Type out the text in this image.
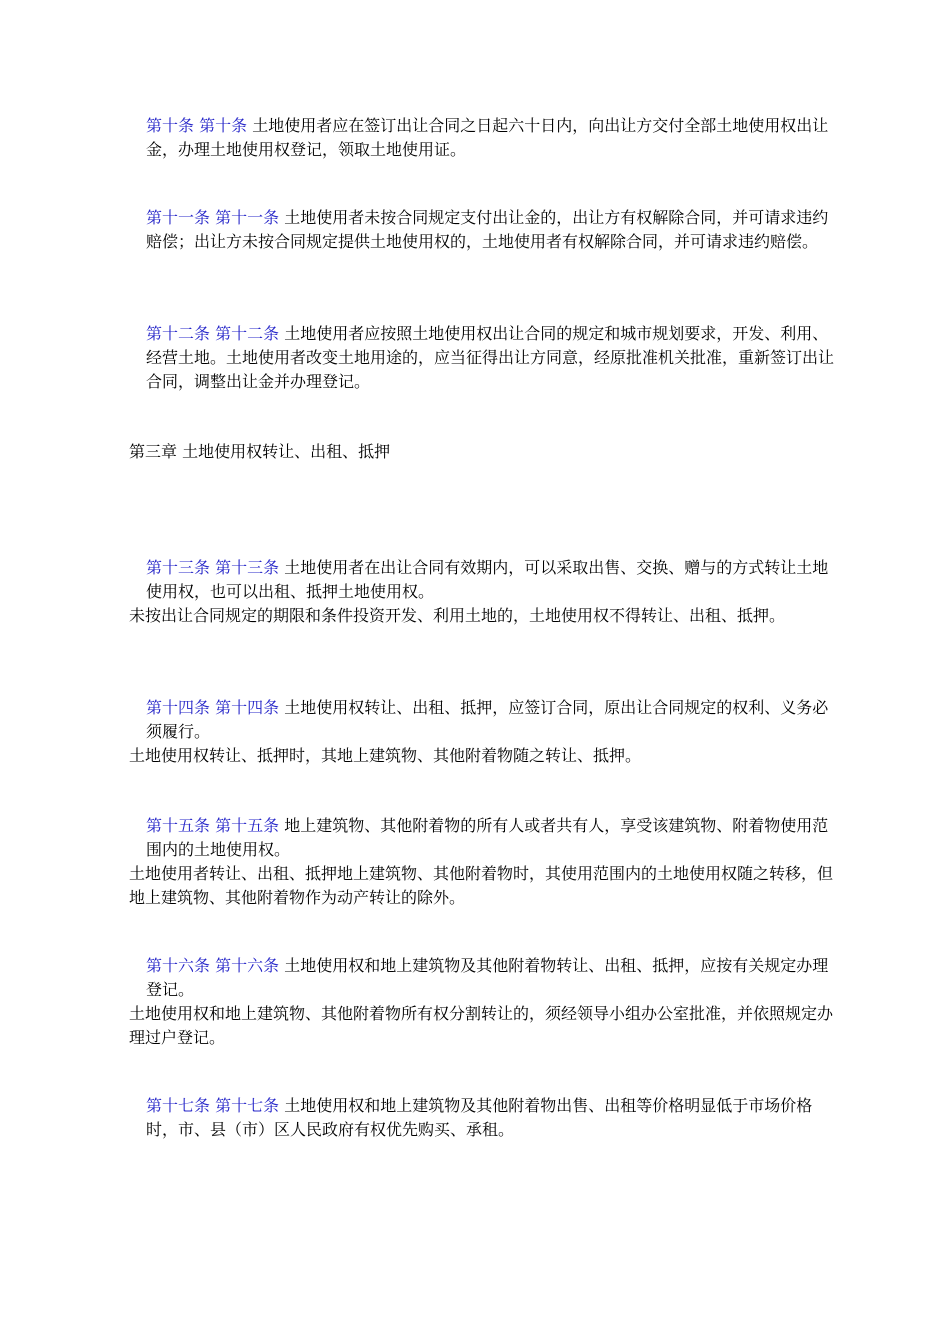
第十条 第十条 土地使用者应在签订出让合同之日起六十日内，向出让方交付全部土地使用权出让金，办理土地使用权登记，领取土地使用证。
第十一条 第十一条 土地使用者未按合同规定支付出让金的，出让方有权解除合同，并可请求违约赔偿；出让方未按合同规定提供土地使用权的，土地使用者有权解除合同，并可请求违约赔偿。
第十二条 第十二条 土地使用者应按照土地使用权出让合同的规定和城市规划要求，开发、利用、经营土地。土地使用者改变土地用途的，应当征得出让方同意，经原批准机关批准，重新签订出让合同，调整出让金并办理登记。
第三章 土地使用权转让、出租、抵押
第十三条 第十三条 土地使用者在出让合同有效期内，可以采取出售、交换、赠与的方式转让土地使用权，也可以出租、抵押土地使用权。
未按出让合同规定的期限和条件投资开发、利用土地的，土地使用权不得转让、出租、抵押。
第十四条 第十四条 土地使用权转让、出租、抵押，应签订合同，原出让合同规定的权利、义务必须履行。
土地使用权转让、抵押时，其地上建筑物、其他附着物随之转让、抵押。
第十五条 第十五条 地上建筑物、其他附着物的所有人或者共有人，享受该建筑物、附着物使用范围内的土地使用权。
土地使用者转让、出租、抵押地上建筑物、其他附着物时，其使用范围内的土地使用权随之转移，但地上建筑物、其他附着物作为动产转让的除外。
第十六条 第十六条 土地使用权和地上建筑物及其他附着物转让、出租、抵押，应按有关规定办理登记。
土地使用权和地上建筑物、其他附着物所有权分割转让的，须经领导小组办公室批准，并依照规定办理过户登记。
第十七条 第十七条 土地使用权和地上建筑物及其他附着物出售、出租等价格明显低于市场价格时，市、县（市）区人民政府有权优先购买、承租。
